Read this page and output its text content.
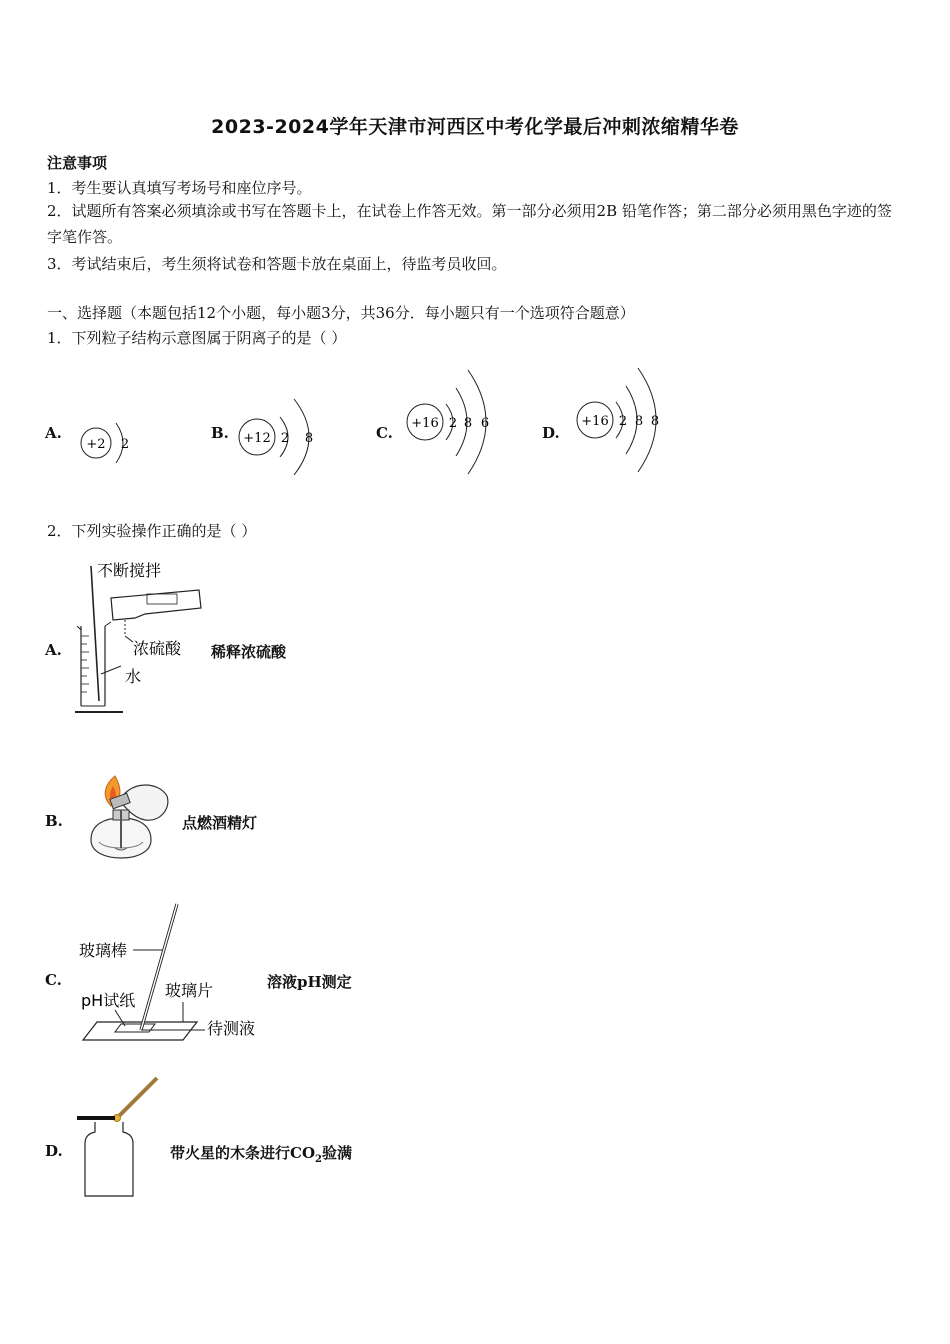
2023-2024学年天津市河西区中考化学最后冲刺浓缩精华卷
注意事项
1．考生要认真填写考场号和座位序号。
2．试题所有答案必须填涂或书写在答题卡上，在试卷上作答无效。第一部分必须用2B 铅笔作答；第二部分必须用黑色字迹的签字笔作答。
3．考试结束后，考生须将试卷和答题卡放在桌面上，待监考员收回。
一、选择题（本题包括12个小题，每小题3分，共36分．每小题只有一个选项符合题意）
1．下列粒子结构示意图属于阴离子的是（ ）
A.	B.	C.	D.
+2 2	+12 2 8
+16 2 8 6	+16 2 8 8
2．下列实验操作正确的是（ ）
A.
不断搅拌
浓硫酸
水
稀释浓硫酸
B.	点燃酒精灯
C.
玻璃棒
pH试纸
玻璃片
待测液
溶液pH测定
D.	带火星的木条进行$CO_2$验满
